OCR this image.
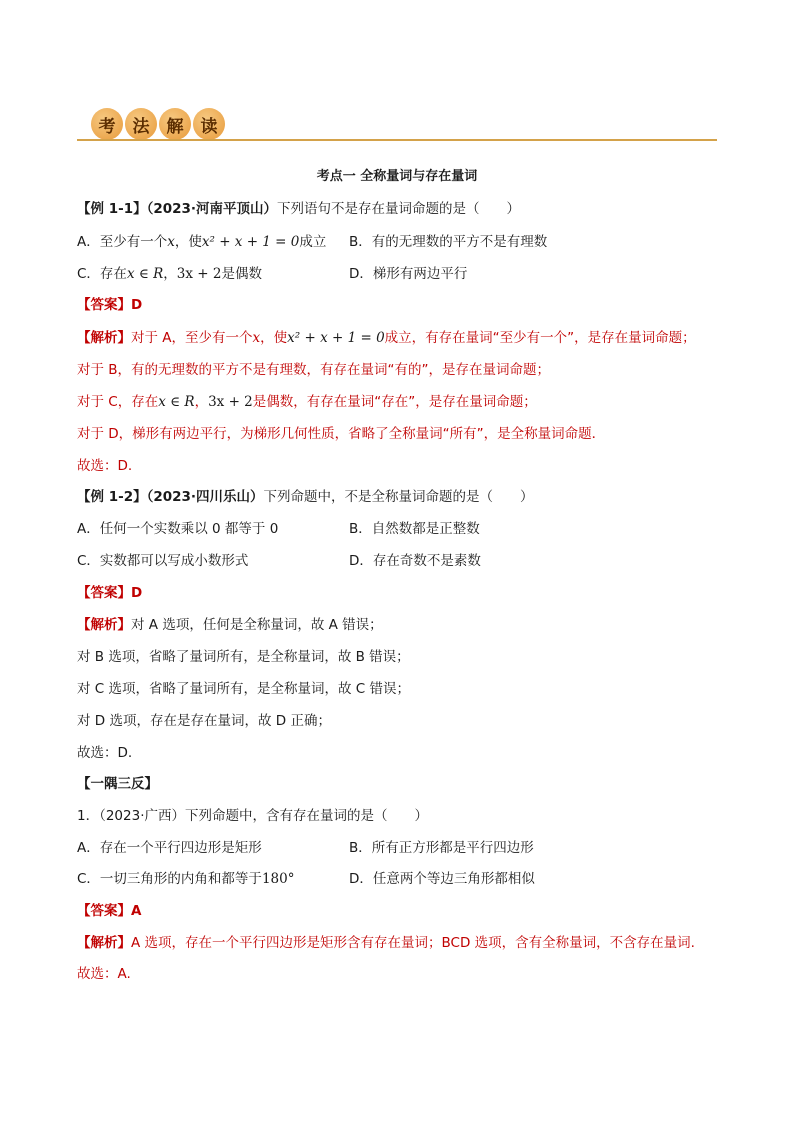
考	法	解	读
考点一 全称量词与存在量词
【例 1-1】（2023·河南平顶山）下列语句不是存在量词命题的是（　　）
A．至少有一个x，使x² + x + 1 = 0成立 B．有的无理数的平方不是有理数
C．存在x ∈ R，3x + 2是偶数	D．梯形有两边平行
【答案】D
【解析】对于 A，至少有一个x，使x² + x + 1 = 0成立，有存在量词“至少有一个”，是存在量词命题；
对于 B，有的无理数的平方不是有理数，有存在量词“有的”，是存在量词命题；
对于 C，存在x ∈ R，3x + 2是偶数，有存在量词“存在”，是存在量词命题；
对于 D，梯形有两边平行，为梯形几何性质，省略了全称量词“所有”，是全称量词命题．
故选：D.
【例 1-2】（2023·四川乐山）下列命题中，不是全称量词命题的是（　　）
A．任何一个实数乘以 0 都等于 0	B．自然数都是正整数
C．实数都可以写成小数形式	D．存在奇数不是素数
【答案】D
【解析】对 A 选项，任何是全称量词，故 A 错误；
对 B 选项，省略了量词所有，是全称量词，故 B 错误；
对 C 选项，省略了量词所有，是全称量词，故 C 错误；
对 D 选项，存在是存在量词，故 D 正确；
故选：D.
【一隅三反】
1．（2023·广西）下列命题中，含有存在量词的是（　　）
A．存在一个平行四边形是矩形	B．所有正方形都是平行四边形
C．一切三角形的内角和都等于180°	D．任意两个等边三角形都相似
【答案】A
【解析】A 选项，存在一个平行四边形是矩形含有存在量词；BCD 选项，含有全称量词，不含存在量词.
故选：A.
